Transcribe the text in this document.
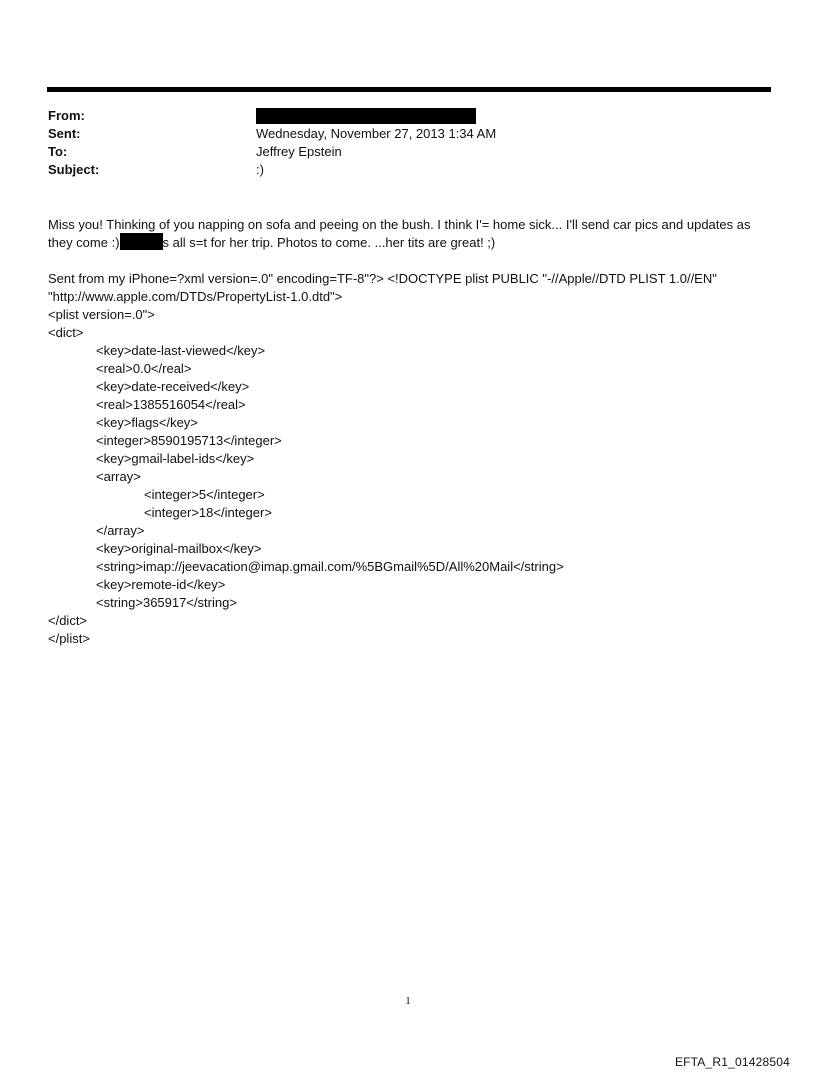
From:
Sent:	Wednesday, November 27, 2013 1:34 AM
To:	Jeffrey Epstein
Subject:	:)

Miss you! Thinking of you napping on sofa and peeing on the bush. I think I'= home sick... I'll send car pics and updates as they come :)	s all s=t for her trip. Photos to come. ...her tits are great! ;)

Sent from my iPhone=?xml version=.0" encoding=TF-8"?> <!DOCTYPE plist PUBLIC "-//Apple//DTD PLIST 1.0//EN"
"http://www.apple.com/DTDs/PropertyList-1.0.dtd">
<plist version=.0">
<dict>
<key>date-last-viewed</key>
<real>0.0</real>
<key>date-received</key>
<real>1385516054</real>
<key>flags</key>
<integer>8590195713</integer>
<key>gmail-label-ids</key>
<array>
<integer>5</integer>
<integer>18</integer>
</array>
<key>original-mailbox</key>
<string>imap://jeevacation@imap.gmail.com/%5BGmail%5D/All%20Mail</string>
<key>remote-id</key>
<string>365917</string>
</dict>
</plist>
1
EFTA_R1_01428504
